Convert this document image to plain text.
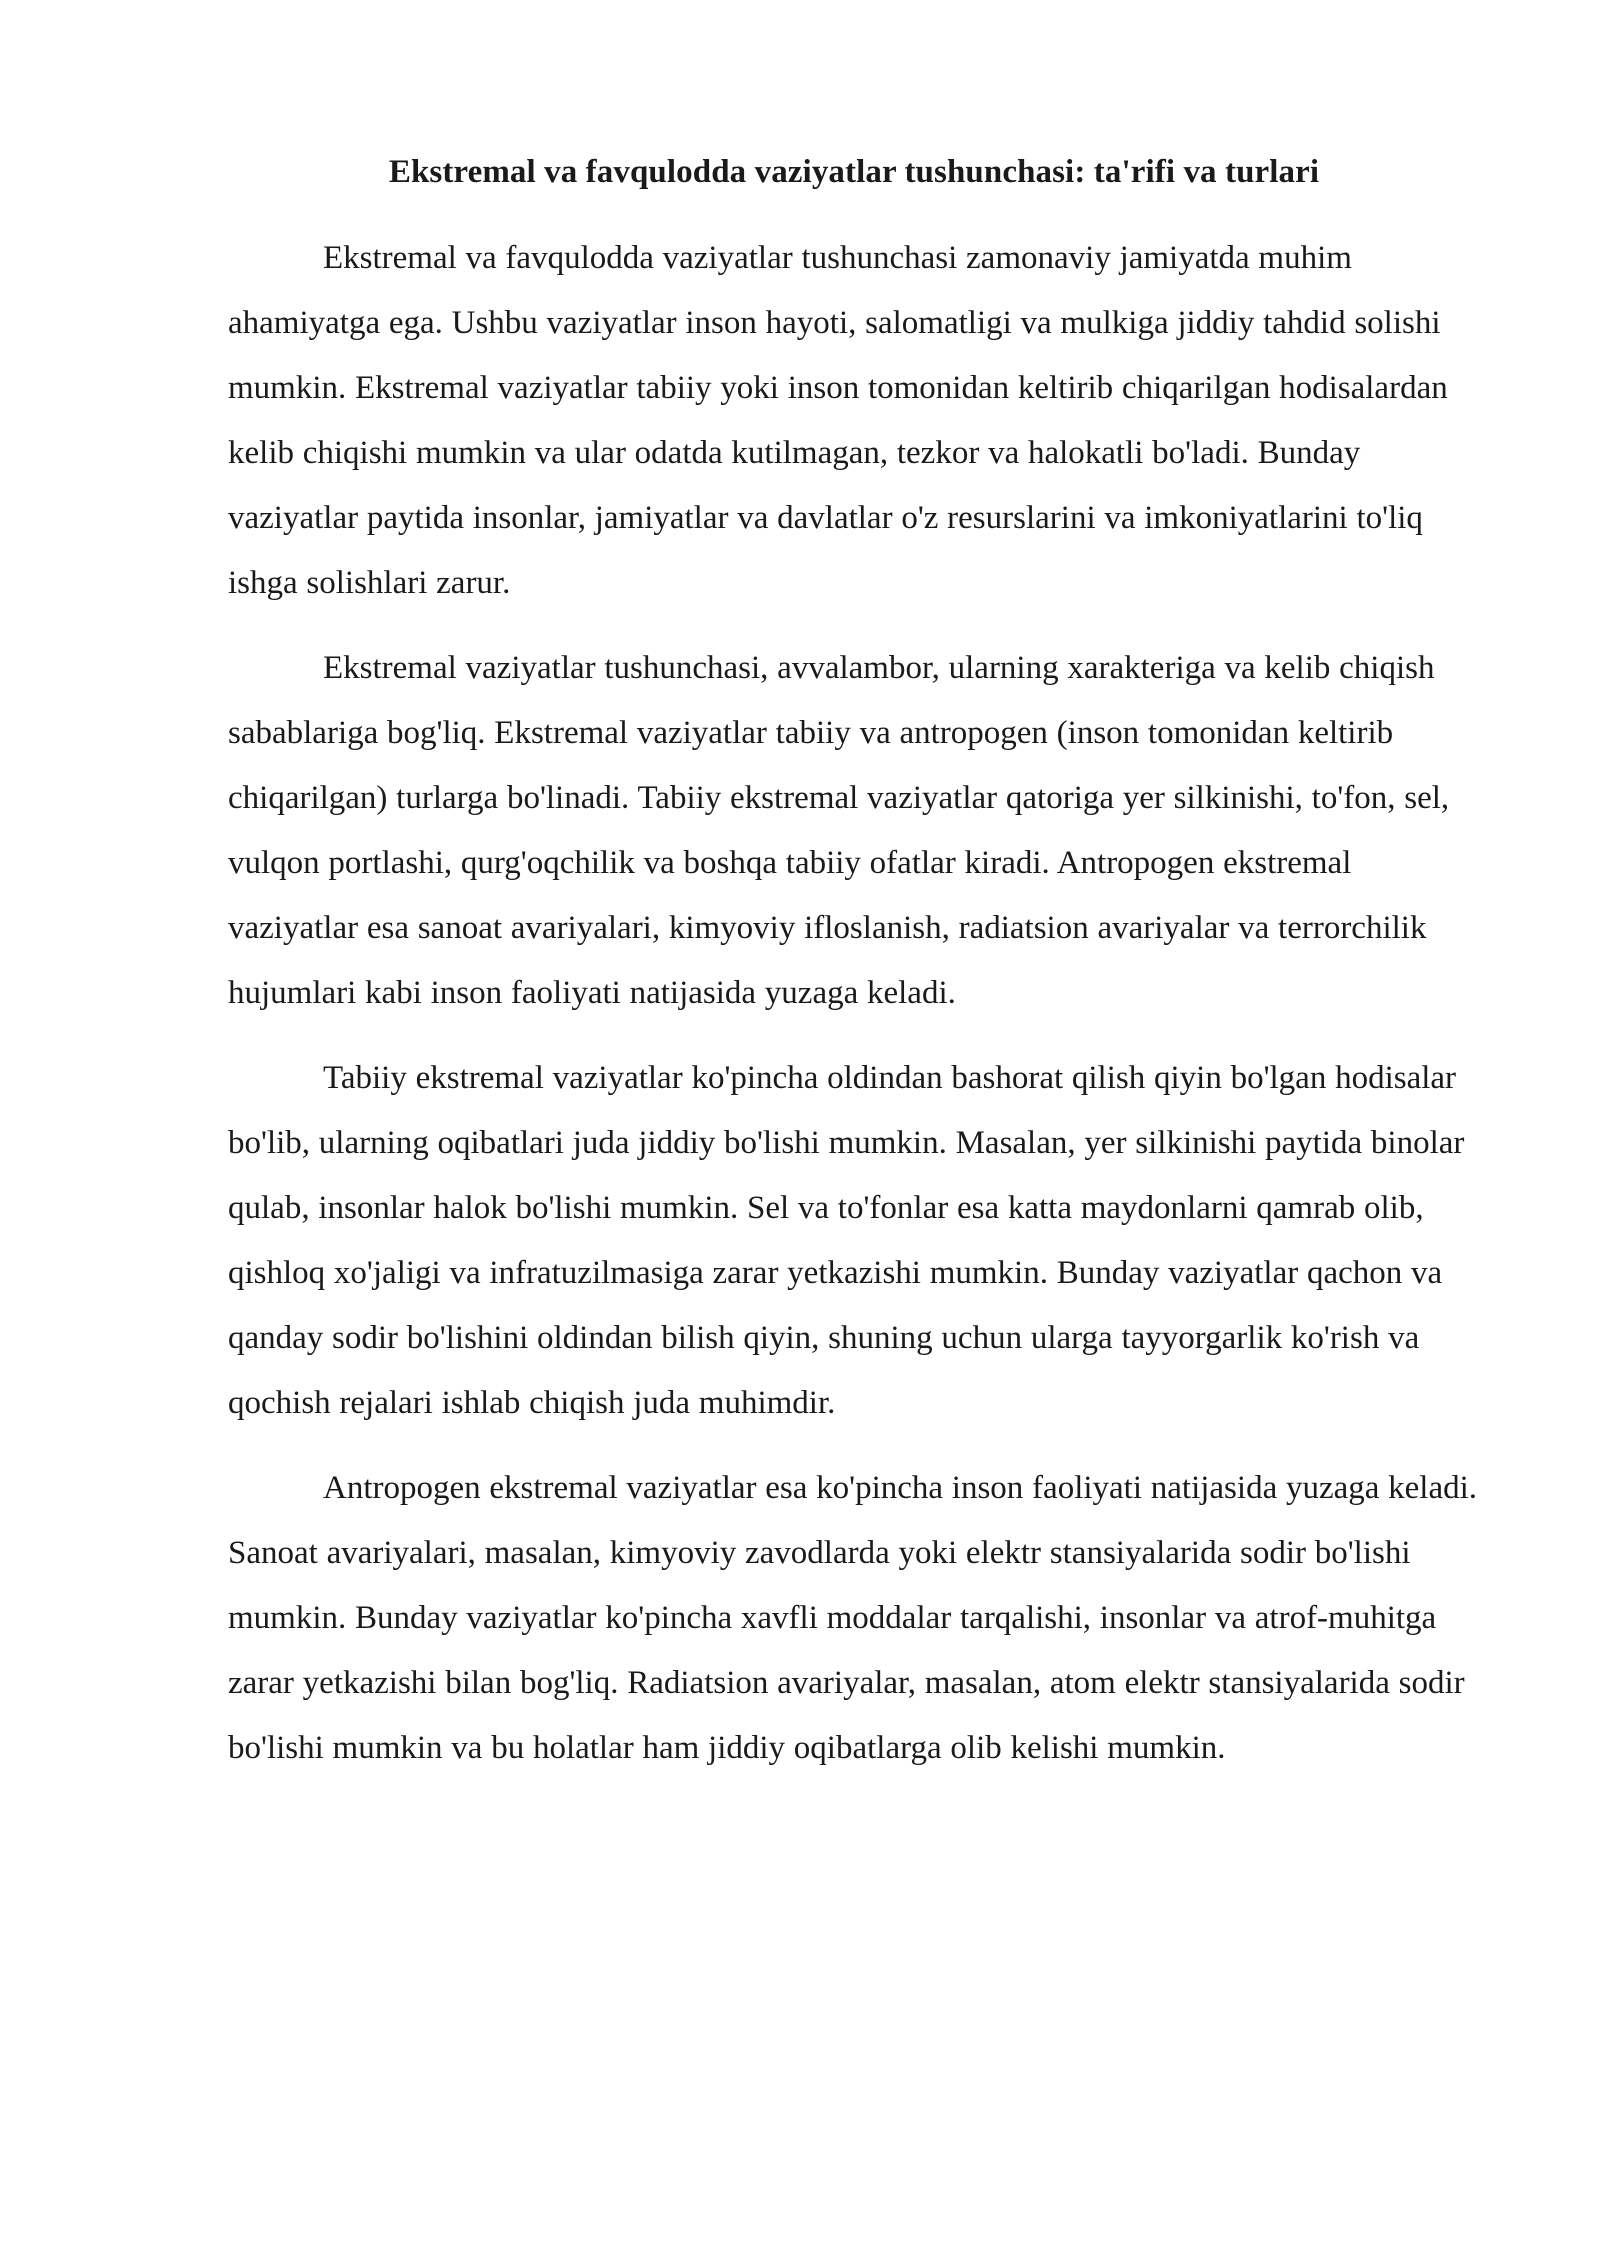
Ekstremal va favqulodda vaziyatlar tushunchasi: ta'rifi va turlari

Ekstremal va favqulodda vaziyatlar tushunchasi zamonaviy jamiyatda muhim ahamiyatga ega. Ushbu vaziyatlar inson hayoti, salomatligi va mulkiga jiddiy tahdid solishi mumkin. Ekstremal vaziyatlar tabiiy yoki inson tomonidan keltirib chiqarilgan hodisalardan kelib chiqishi mumkin va ular odatda kutilmagan, tezkor va halokatli bo'ladi. Bunday vaziyatlar paytida insonlar, jamiyatlar va davlatlar o'z resurslarini va imkoniyatlarini to'liq ishga solishlari zarur.

Ekstremal vaziyatlar tushunchasi, avvalambor, ularning xarakteriga va kelib chiqish sabablariga bog'liq. Ekstremal vaziyatlar tabiiy va antropogen (inson tomonidan keltirib chiqarilgan) turlarga bo'linadi. Tabiiy ekstremal vaziyatlar qatoriga yer silkinishi, to'fon, sel, vulqon portlashi, qurg'oqchilik va boshqa tabiiy ofatlar kiradi. Antropogen ekstremal vaziyatlar esa sanoat avariyalari, kimyoviy ifloslanish, radiatsion avariyalar va terrorchilik hujumlari kabi inson faoliyati natijasida yuzaga keladi.

Tabiiy ekstremal vaziyatlar ko'pincha oldindan bashorat qilish qiyin bo'lgan hodisalar bo'lib, ularning oqibatlari juda jiddiy bo'lishi mumkin. Masalan, yer silkinishi paytida binolar qulab, insonlar halok bo'lishi mumkin. Sel va to'fonlar esa katta maydonlarni qamrab olib, qishloq xo'jaligi va infratuzilmasiga zarar yetkazishi mumkin. Bunday vaziyatlar qachon va qanday sodir bo'lishini oldindan bilish qiyin, shuning uchun ularga tayyorgarlik ko'rish va qochish rejalari ishlab chiqish juda muhimdir.

Antropogen ekstremal vaziyatlar esa ko'pincha inson faoliyati natijasida yuzaga keladi. Sanoat avariyalari, masalan, kimyoviy zavodlarda yoki elektr stansiyalarida sodir bo'lishi mumkin. Bunday vaziyatlar ko'pincha xavfli moddalar tarqalishi, insonlar va atrof-muhitga zarar yetkazishi bilan bog'liq. Radiatsion avariyalar, masalan, atom elektr stansiyalarida sodir bo'lishi mumkin va bu holatlar ham jiddiy oqibatlarga olib kelishi mumkin.
